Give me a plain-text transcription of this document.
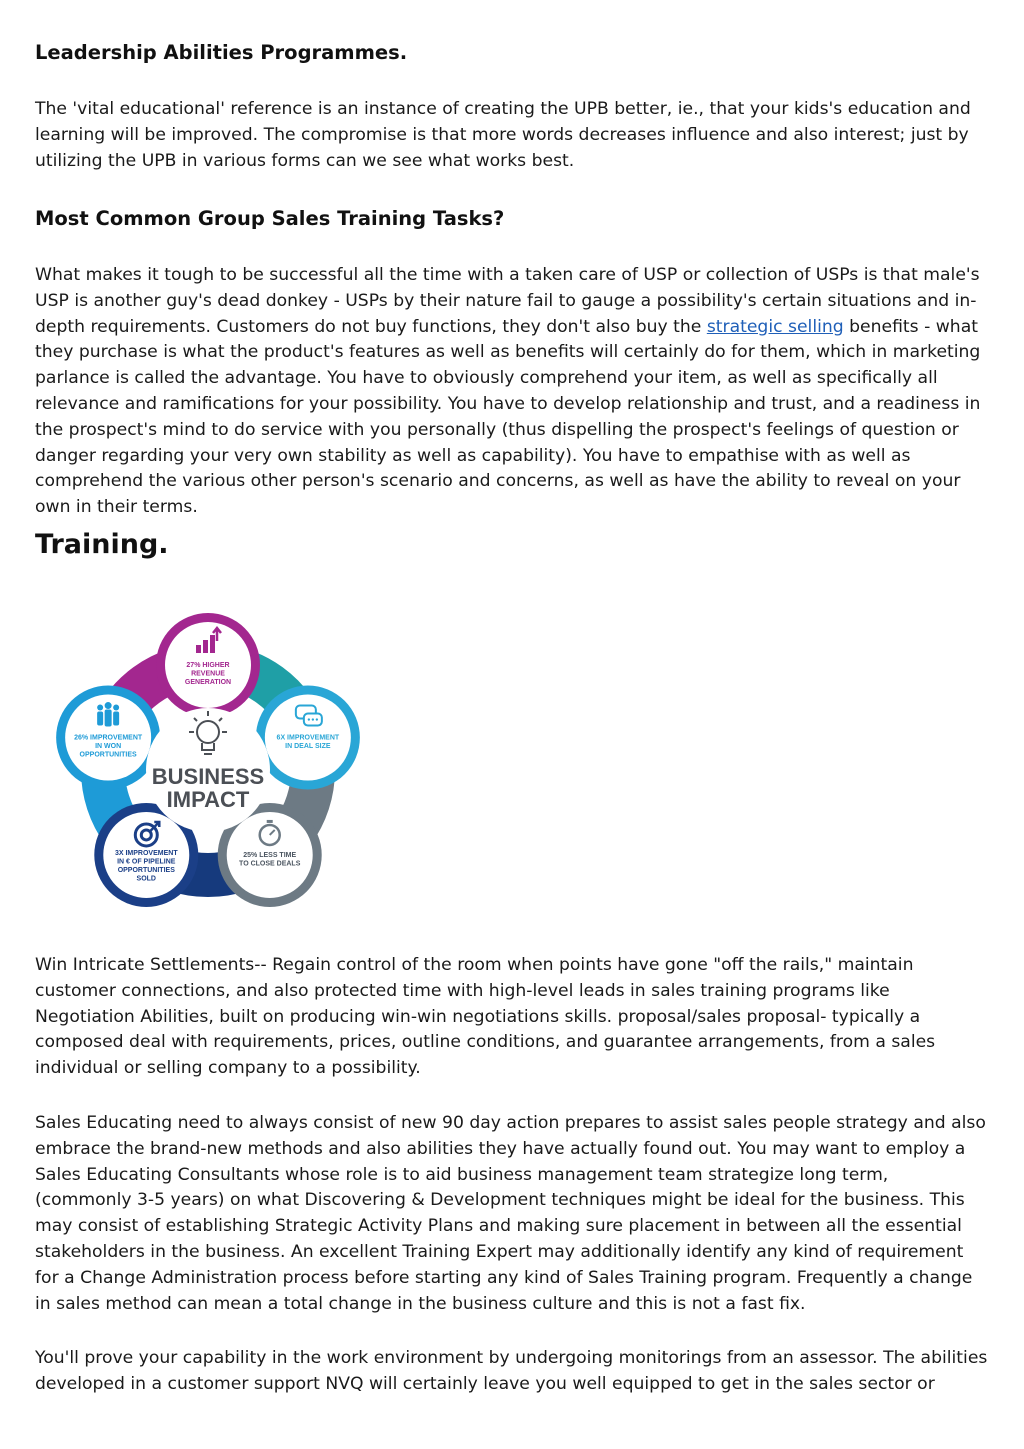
Leadership Abilities Programmes.

The 'vital educational' reference is an instance of creating the UPB better, ie., that your kids's education and learning will be improved. The compromise is that more words decreases influence and also interest; just by utilizing the UPB in various forms can we see what works best.

Most Common Group Sales Training Tasks?

What makes it tough to be successful all the time with a taken care of USP or collection of USPs is that male's USP is another guy's dead donkey - USPs by their nature fail to gauge a possibility's certain situations and in-depth requirements. Customers do not buy functions, they don't also buy the strategic selling benefits - what they purchase is what the product's features as well as benefits will certainly do for them, which in marketing parlance is called the advantage. You have to obviously comprehend your item, as well as specifically all relevance and ramifications for your possibility. You have to develop relationship and trust, and a readiness in the prospect's mind to do service with you personally (thus dispelling the prospect's feelings of question or danger regarding your very own stability as well as capability). You have to empathise with as well as comprehend the various other person's scenario and concerns, as well as have the ability to reveal on your own in their terms.

Training.

Win Intricate Settlements-- Regain control of the room when points have gone "off the rails," maintain customer connections, and also protected time with high-level leads in sales training programs like Negotiation Abilities, built on producing win-win negotiations skills. proposal/sales proposal- typically a composed deal with requirements, prices, outline conditions, and guarantee arrangements, from a sales individual or selling company to a possibility.

Sales Educating need to always consist of new 90 day action prepares to assist sales people strategy and also embrace the brand-new methods and also abilities they have actually found out. You may want to employ a Sales Educating Consultants whose role is to aid business management team strategize long term, (commonly 3-5 years) on what Discovering & Development techniques might be ideal for the business. This may consist of establishing Strategic Activity Plans and making sure placement in between all the essential stakeholders in the business. An excellent Training Expert may additionally identify any kind of requirement for a Change Administration process before starting any kind of Sales Training program. Frequently a change in sales method can mean a total change in the business culture and this is not a fast fix.

You'll prove your capability in the work environment by undergoing monitorings from an assessor. The abilities developed in a customer support NVQ will certainly leave you well equipped to get in the sales sector or

27% HIGHER
REVENUE
GENERATION
6X IMPROVEMENT
IN DEAL SIZE
25% LESS TIME
TO CLOSE DEALS
3X IMPROVEMENT
IN € OF PIPELINE
OPPORTUNITIES
SOLD
26% IMPROVEMENT
IN WON
OPPORTUNITIES
BUSINESS
IMPACT
